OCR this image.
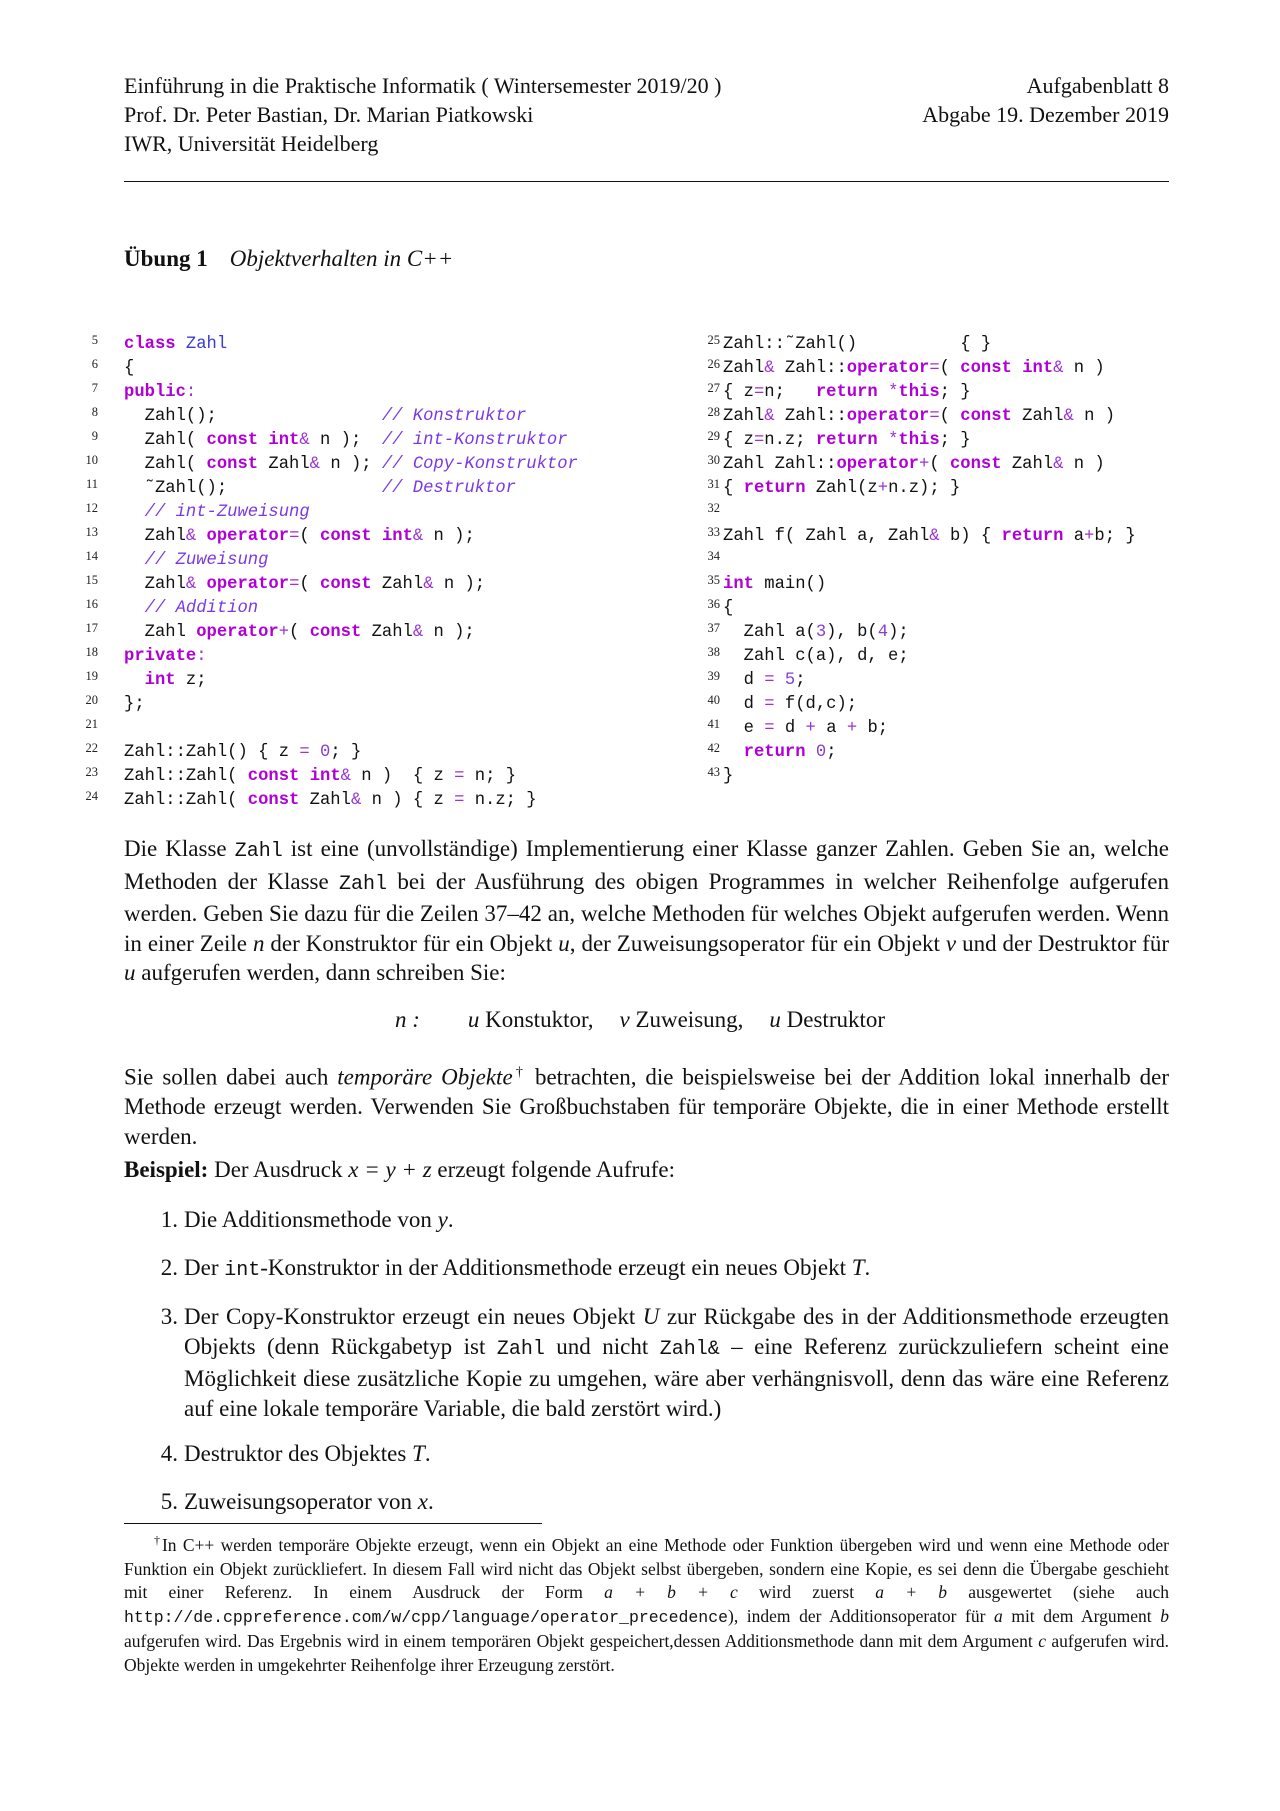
Einführung in die Praktische Informatik ( Wintersemester 2019/20 )
Prof. Dr. Peter Bastian, Dr. Marian Piatkowski
IWR, Universität Heidelberg
Aufgabenblatt 8
Abgabe 19. Dezember 2019
Übung 1 Objektverhalten in C++

5

6

7

8

9

10

11

12

13

14

15

16

17

18

19

20

21

22

23

24

class Zahl

{

public:

Zahl();                // Konstruktor

Zahl( const int& n );  // int-Konstruktor

Zahl( const Zahl& n ); // Copy-Konstruktor

˜Zahl();               // Destruktor

// int-Zuweisung

Zahl& operator=( const int& n );

// Zuweisung

Zahl& operator=( const Zahl& n );

// Addition

Zahl operator+( const Zahl& n );

private:

int z;

};

Zahl::Zahl() { z = 0; }

Zahl::Zahl( const int& n )  { z = n; }

Zahl::Zahl( const Zahl& n ) { z = n.z; }

25

26

27

28

29

30

31

32

33

34

35

36

37

38

39

40

41

42

43

Zahl::˜Zahl()          { }

Zahl& Zahl::operator=( const int& n )

{ z=n;   return *this; }

Zahl& Zahl::operator=( const Zahl& n )

{ z=n.z; return *this; }

Zahl Zahl::operator+( const Zahl& n )

{ return Zahl(z+n.z); }

Zahl f( Zahl a, Zahl& b) { return a+b; }

int main()

{

Zahl a(3), b(4);

Zahl c(a), d, e;

d = 5;

d = f(d,c);

e = d + a + b;

return 0;

}

Die Klasse Zahl ist eine (unvollständige) Implementierung einer Klasse ganzer Zahlen. Geben Sie an, welche Methoden der Klasse Zahl bei der Ausführung des obigen Programmes in welcher Reihenfolge aufgerufen werden. Geben Sie dazu für die Zeilen 37–42 an, welche Methoden für welches Objekt aufgerufen werden. Wenn in einer Zeile n der Konstruktor für ein Objekt u, der Zuweisungsoperator für ein Objekt v und der Destruktor für u aufgerufen werden, dann schreiben Sie:

n : u Konstuktor, v Zuweisung, u Destruktor

Sie sollen dabei auch temporäre Objekte† betrachten, die beispielsweise bei der Addition lokal innerhalb der Methode erzeugt werden. Verwenden Sie Großbuchstaben für temporäre Objekte, die in einer Methode erstellt werden.

Beispiel: Der Ausdruck x = y + z erzeugt folgende Aufrufe:

1. Die Additionsmethode von y.
2. Der int-Konstruktor in der Additionsmethode erzeugt ein neues Objekt T.
3. Der Copy-Konstruktor erzeugt ein neues Objekt U zur Rückgabe des in der Additionsmethode erzeugten Objekts (denn Rückgabetyp ist Zahl und nicht Zahl& – eine Referenz zurückzuliefern scheint eine Möglichkeit diese zusätzliche Kopie zu umgehen, wäre aber verhängnisvoll, denn das wäre eine Referenz auf eine lokale temporäre Variable, die bald zerstört wird.)
4. Destruktor des Objektes T.
5. Zuweisungsoperator von x.
†In C++ werden temporäre Objekte erzeugt, wenn ein Objekt an eine Methode oder Funktion übergeben wird und wenn eine Methode oder Funktion ein Objekt zurückliefert. In diesem Fall wird nicht das Objekt selbst übergeben, sondern eine Kopie, es sei denn die Übergabe geschieht mit einer Referenz. In einem Ausdruck der Form a + b + c wird zuerst a + b ausgewertet (siehe auch http://de.cppreference.com/w/cpp/language/operator_precedence), indem der Additionsoperator für a mit dem Argument b aufgerufen wird. Das Ergebnis wird in einem temporären Objekt gespeichert,dessen Additionsmethode dann mit dem Argument c aufgerufen wird. Objekte werden in umgekehrter Reihenfolge ihrer Erzeugung zerstört.
